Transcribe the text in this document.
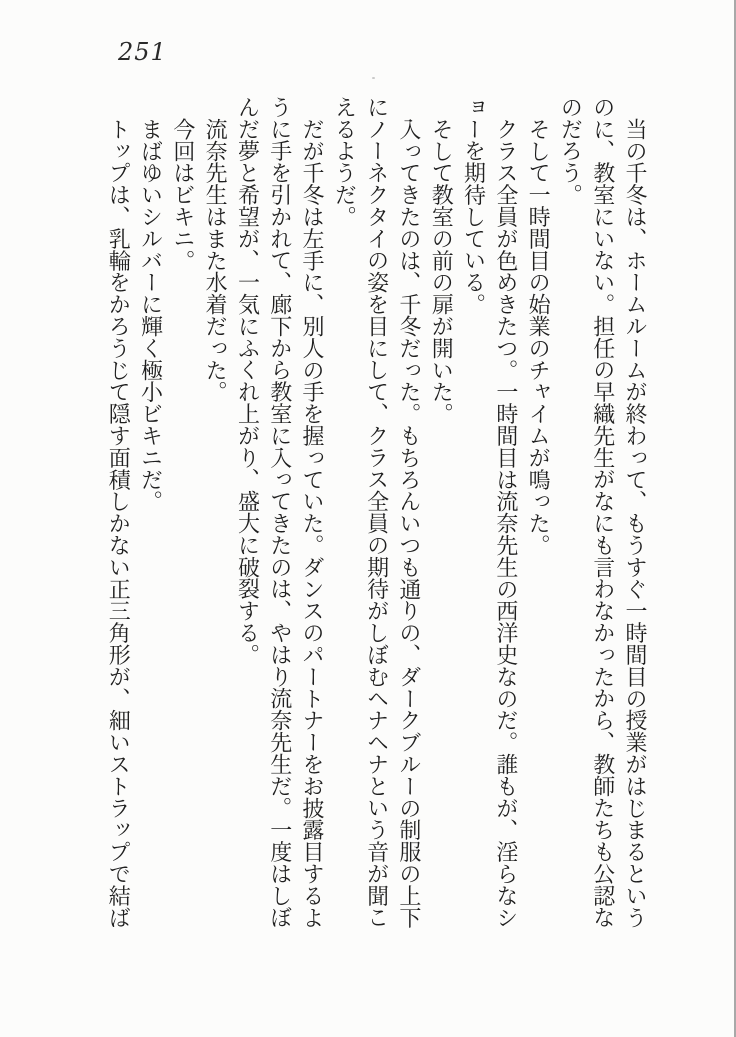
251
当の千冬は、ホームルームが終わって、もうすぐ一時間目の授業がはじまるという
のに、教室にいない。担任の早織先生がなにも言わなかったから、教師たちも公認な
のだろう。
そして一時間目の始業のチャイムが鳴った。
クラス全員が色めきたつ。一時間目は流奈先生の西洋史なのだ。誰もが、淫らなシ
ョーを期待している。
そして教室の前の扉が開いた。
入ってきたのは、千冬だった。もちろんいつも通りの、ダークブルーの制服の上下
にノーネクタイの姿を目にして、クラス全員の期待がしぼむヘナヘナという音が聞こ
えるようだ。
だが千冬は左手に、別人の手を握っていた。ダンスのパートナーをお披露目するよ
うに手を引かれて、廊下から教室に入ってきたのは、やはり流奈先生だ。一度はしぼ
んだ夢と希望が、一気にふくれ上がり、盛大に破裂する。
流奈先生はまた水着だった。
今回はビキニ。
まばゆいシルバーに輝く極小ビキニだ。
トップは、乳輪をかろうじて隠す面積しかない正三角形が、細いストラップで結ば
